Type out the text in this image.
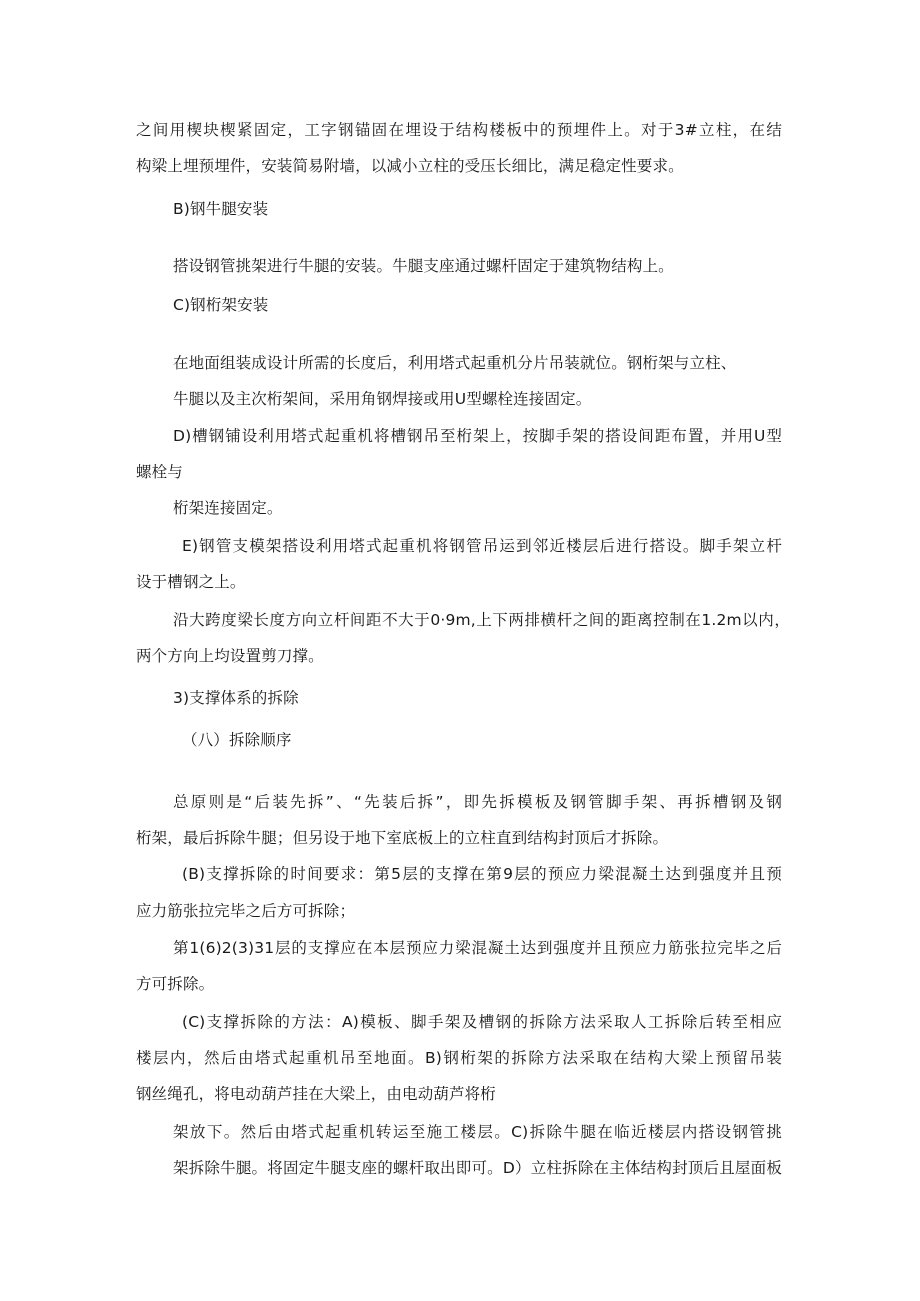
之间用楔块楔紧固定，工字钢锚固在埋设于结构楼板中的预埋件上。对于3#立柱，在结

构梁上埋预埋件，安装简易附墙，以减小立柱的受压长细比，满足稳定性要求。

B)钢牛腿安装

搭设钢管挑架进行牛腿的安装。牛腿支座通过螺杆固定于建筑物结构上。

C)钢桁架安装

在地面组装成设计所需的长度后，利用塔式起重机分片吊装就位。钢桁架与立柱、

牛腿以及主次桁架间，采用角钢焊接或用U型螺栓连接固定。

D)槽钢铺设利用塔式起重机将槽钢吊至桁架上，按脚手架的搭设间距布置，并用U型

螺栓与

桁架连接固定。

E)钢管支模架搭设利用塔式起重机将钢管吊运到邻近楼层后进行搭设。脚手架立杆

设于槽钢之上。

沿大跨度梁长度方向立杆间距不大于0·9m,上下两排横杆之间的距离控制在1.2m以内，

两个方向上均设置剪刀撑。

3)支撑体系的拆除

（八）拆除顺序

总原则是“后装先拆”、“先装后拆”，即先拆模板及钢管脚手架、再拆槽钢及钢

桁架，最后拆除牛腿；但另设于地下室底板上的立柱直到结构封顶后才拆除。

(B)支撑拆除的时间要求：第5层的支撑在第9层的预应力梁混凝土达到强度并且预

应力筋张拉完毕之后方可拆除；

第1(6)2(3)31层的支撑应在本层预应力梁混凝土达到强度并且预应力筋张拉完毕之后

方可拆除。

(C)支撑拆除的方法：A)模板、脚手架及槽钢的拆除方法采取人工拆除后转至相应

楼层内，然后由塔式起重机吊至地面。B)钢桁架的拆除方法采取在结构大梁上预留吊装

钢丝绳孔，将电动葫芦挂在大梁上，由电动葫芦将桁

架放下。然后由塔式起重机转运至施工楼层。C)拆除牛腿在临近楼层内搭设钢管挑

架拆除牛腿。将固定牛腿支座的螺杆取出即可。D）立柱拆除在主体结构封顶后且屋面板
